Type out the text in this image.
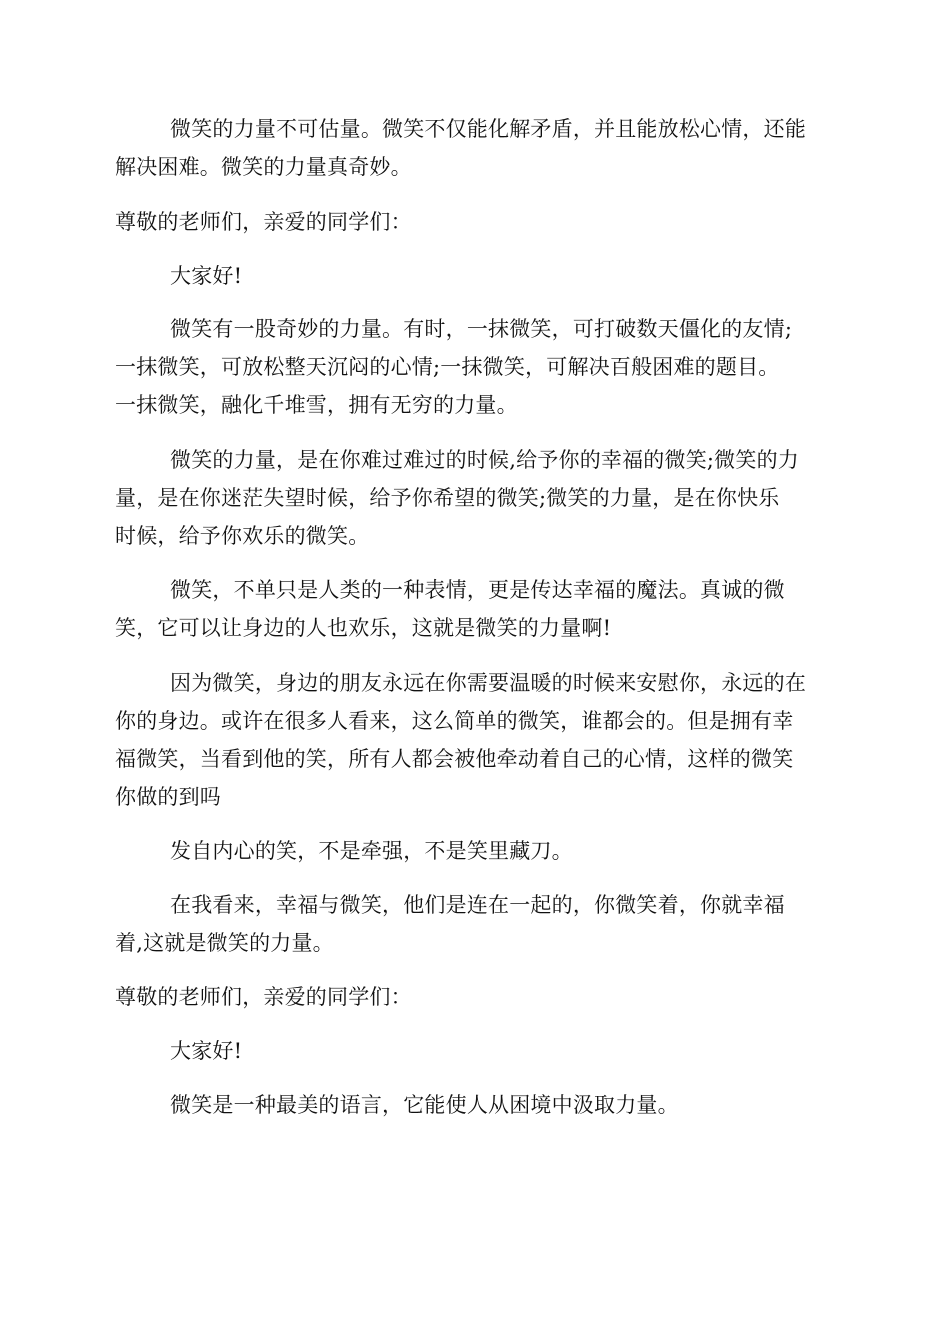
微笑的力量不可估量。微笑不仅能化解矛盾，并且能放松心情，还能
解决困难。微笑的力量真奇妙。

尊敬的老师们，亲爱的同学们：

大家好!

微笑有一股奇妙的力量。有时，一抹微笑，可打破数天僵化的友情;
一抹微笑，可放松整天沉闷的心情;一抹微笑，可解决百般困难的题目。
一抹微笑，融化千堆雪，拥有无穷的力量。

微笑的力量，是在你难过难过的时候,给予你的幸福的微笑;微笑的力
量，是在你迷茫失望时候，给予你希望的微笑;微笑的力量，是在你快乐
时候，给予你欢乐的微笑。

微笑，不单只是人类的一种表情，更是传达幸福的魔法。真诚的微
笑，它可以让身边的人也欢乐，这就是微笑的力量啊!

因为微笑，身边的朋友永远在你需要温暖的时候来安慰你，永远的在
你的身边。或许在很多人看来，这么简单的微笑，谁都会的。但是拥有幸
福微笑，当看到他的笑，所有人都会被他牵动着自己的心情，这样的微笑
你做的到吗

发自内心的笑，不是牵强，不是笑里藏刀。

在我看来，幸福与微笑，他们是连在一起的，你微笑着，你就幸福
着,这就是微笑的力量。

尊敬的老师们，亲爱的同学们：

大家好!

微笑是一种最美的语言，它能使人从困境中汲取力量。
